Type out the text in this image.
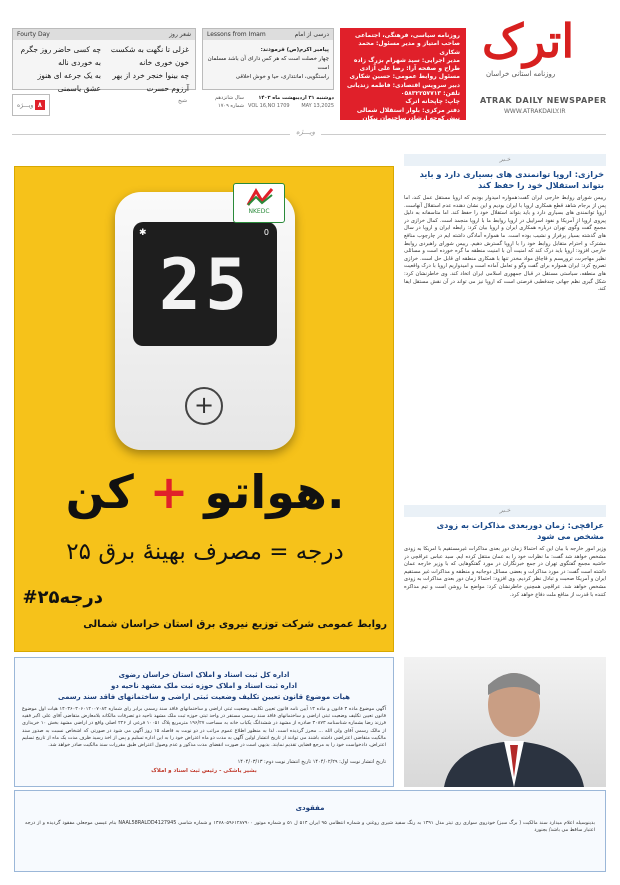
Fourty Day	شعر روز
غزلی تا نگهت به شکست خون خوری خانه
چه بینوا خنجر خرد از بهر آرزوم حسرت
چه کسی حاضر روز جگرم به خوردی ناله
به یک جرعه ای هنوز عشق یاسمنی
شیخ
Lessons from Imam	درسی از امام
پیامبر اکرم(ص) فرمودند:
چهار خصلت است که هر کس دارای آن باشد مسلمان است
راستگویی، امانتداری، حیا و خوش اخلاقی
ویـــژه ۸
سال شانزدهم
شماره ۱۷۰۹
دوشنبه ۳۱ اردیبهشت ماه ۱۴۰۳
VOL 16,NO 1709 MAY 13,2025
روزنامه سیاسی، فرهنگی، اجتماعی
صاحب امتیاز و مدیر مسئول: محمد شکاری
مدیر اجرایی: سید شهرام بزرگ زاده
طراح و صفحه آرا: رضا علی آزادی
مسئول روابط عمومی: حسین شکاری
دبیر سرویس اقتصادی: فاطمه زندیانی
تلفن: ۰۵۸۳۲۲۵۷۷۱۳
چاپ: چاپخانه اترک
دفتر مرکزی: بلوار استقلال شمالی
نبش کوچه ارشاد، ساختمان نیکان طبقه چهارم
اترک
روزنامه استانی خراسان
ATRAK DAILY NEWSPAPER
WWW.ATRAKDAILY.IR
ویـــژه
✱	0
25
+
NKEDC
هواتو + کن.
۲۵ درجه = مصرف بهینهٔ برق
#۲۵درجه
روابط عمومی شرکت توزیع نیروی برق استان خراسان شمالی
خـبر
خرازی: اروپا توانمندی های بسیاری دارد و باید بتواند استقلال خود را حفظ کند
رییس شورای روابط خارجی ایران گفت:همواره امیدوار بودیم که اروپا مستقل عمل کند، اما پس از برجام شاهد قطع همکاری اروپا با ایران بودیم و این نشان دهنده عدم استقلال آنهاست. اروپا توانمندی های بسیاری دارد و باید بتواند استقلال خود را حفظ کند. اما متاسفانه به دلیل پیروی اروپا از آمریکا و نفوذ اسراییل در اروپا روابط ما با اروپا منجمد است. کمال خرازی در مجمع گفت وگوی تهران درباره همکاری ایران و اروپا بیان کرد: رابطه ایران و اروپا در سال های گذشته بسیار پرفراز و نشیب بوده است. ما همواره آمادگی داشته ایم در چارچوب منافع مشترک و احترام متقابل روابط خود را با اروپا گسترش دهیم. رییس شورای راهبردی روابط خارجی افزود: اروپا باید درک کند که امنیت آن با امنیت منطقه ما گره خورده است و مسائلی نظیر مهاجرت، تروریسم و قاچاق مواد مخدر تنها با همکاری منطقه ای قابل حل است. خرازی تصریح کرد: ایران همواره برای گفت وگو و تعامل آماده است و امیدواریم اروپا با درک واقعیت های منطقه، سیاستی مستقل در قبال جمهوری اسلامی ایران اتخاذ کند. وی خاطرنشان کرد: شکل گیری نظم جهانی چندقطبی فرصتی است که اروپا نیز می تواند در آن نقش مستقل ایفا کند.
خـبر
عراقچی: زمان دوربعدی مذاکرات به زودی مشخص می شود
وزیر امور خارجه با بیان این که احتمالا زمان دور بعدی مذاکرات غیرمستقیم با آمریکا به زودی مشخص خواهد شد گفت: ما نظرات خود را به عمان منتقل کرده ایم. سید عباس عراقچی در حاشیه مجمع گفتگوی تهران در جمع خبرنگاران در مورد گفتگوهایی که با وزیر خارجه عمان داشته است گفت: در مورد مذاکرات و بعضی مسائل دوجانبه و منطقه و مذاکرات غیر مستقیم ایران و آمریکا صحبت و تبادل نظر کردیم. وی افزود: احتمالا زمان دور بعدی مذاکرات به زودی مشخص خواهد شد. عراقچی همچنین خاطرنشان کرد: مواضع ما روشن است و تیم مذاکره کننده با قدرت از منافع ملت دفاع خواهد کرد.
اداره کل ثبت اسناد و املاک استان خراسان رضوی
اداره ثبت اسناد و املاک حوزه ثبت ملک مشهد ناحیه دو
هیات موضوع قانون تعیین تکلیف وضعیت ثبتی اراضی و ساختمانهای فاقد سند رسمی
آگهی موضوع ماده ۳ قانون و ماده ۱۳ آیین نامه قانون تعیین تکلیف وضعیت ثبتی اراضی و ساختمانهای فاقد سند رسمی برابر رای شماره ۱۴۰۳۶۰۳۰۶۰۱۲۰۰۷۰۸۴ هیات اول موضوع قانون تعیین تکلیف وضعیت ثبتی اراضی و ساختمانهای فاقد سند رسمی مستقر در واحد ثبتی حوزه ثبت ملک مشهد ناحیه دو تصرفات مالکانه بلامعارض متقاضی آقای علی اکبر فقیه فرزند رضا بشماره شناسنامه ۳۰۸۷۳ صادره از مشهد در ششدانگ یکباب خانه به مساحت ۱۹۶/۲۷ مترمربع پلاک ۱۰۰۵۱ فرعی از ۲۲۶ اصلی واقع در اراضی مشهد بخش ۱۰ خریداری از مالک رسمی آقای ولی الله ... محرز گردیده است. لذا به منظور اطلاع عموم مراتب در دو نوبت به فاصله ۱۵ روز آگهی می شود در صورتی که اشخاص نسبت به صدور سند مالکیت متقاضی اعتراضی داشته باشند می توانند از تاریخ انتشار اولین آگهی به مدت دو ماه اعتراض خود را به این اداره تسلیم و پس از اخذ رسید ظرف مدت یک ماه از تاریخ تسلیم اعتراض، دادخواست خود را به مرجع قضایی تقدیم نمایند. بدیهی است در صورت انقضای مدت مذکور و عدم وصول اعتراض طبق مقررات سند مالکیت صادر خواهد شد.
تاریخ انتشار نوبت اول: ۱۴۰۴/۰۲/۲۹ تاریخ انتشار نوبت دوم: ۱۴۰۴/۰۳/۱۳
بشیر یاشکی - رئیس ثبت اسناد و املاک
مفقودی
بدینوسیله اعلام میدارد سند مالکیت ( برگ سبز) خودروی سواری ری تیتر مدل ۱۳۹۱ به رنگ سفید شیری روغنی و شماره انتظامی ۹۵ ایران ۵۱۴ ل ۵۱ و شماره موتور ۱۴۷۸۰۵۹۶۱۲۸۷۹۰۰ و شماره شاسی NAAL58RALDD4127945 بنام عیسی موجعلی مفقود گردیده و از درجه اعتبار ساقط می باشد/ بجنورد
